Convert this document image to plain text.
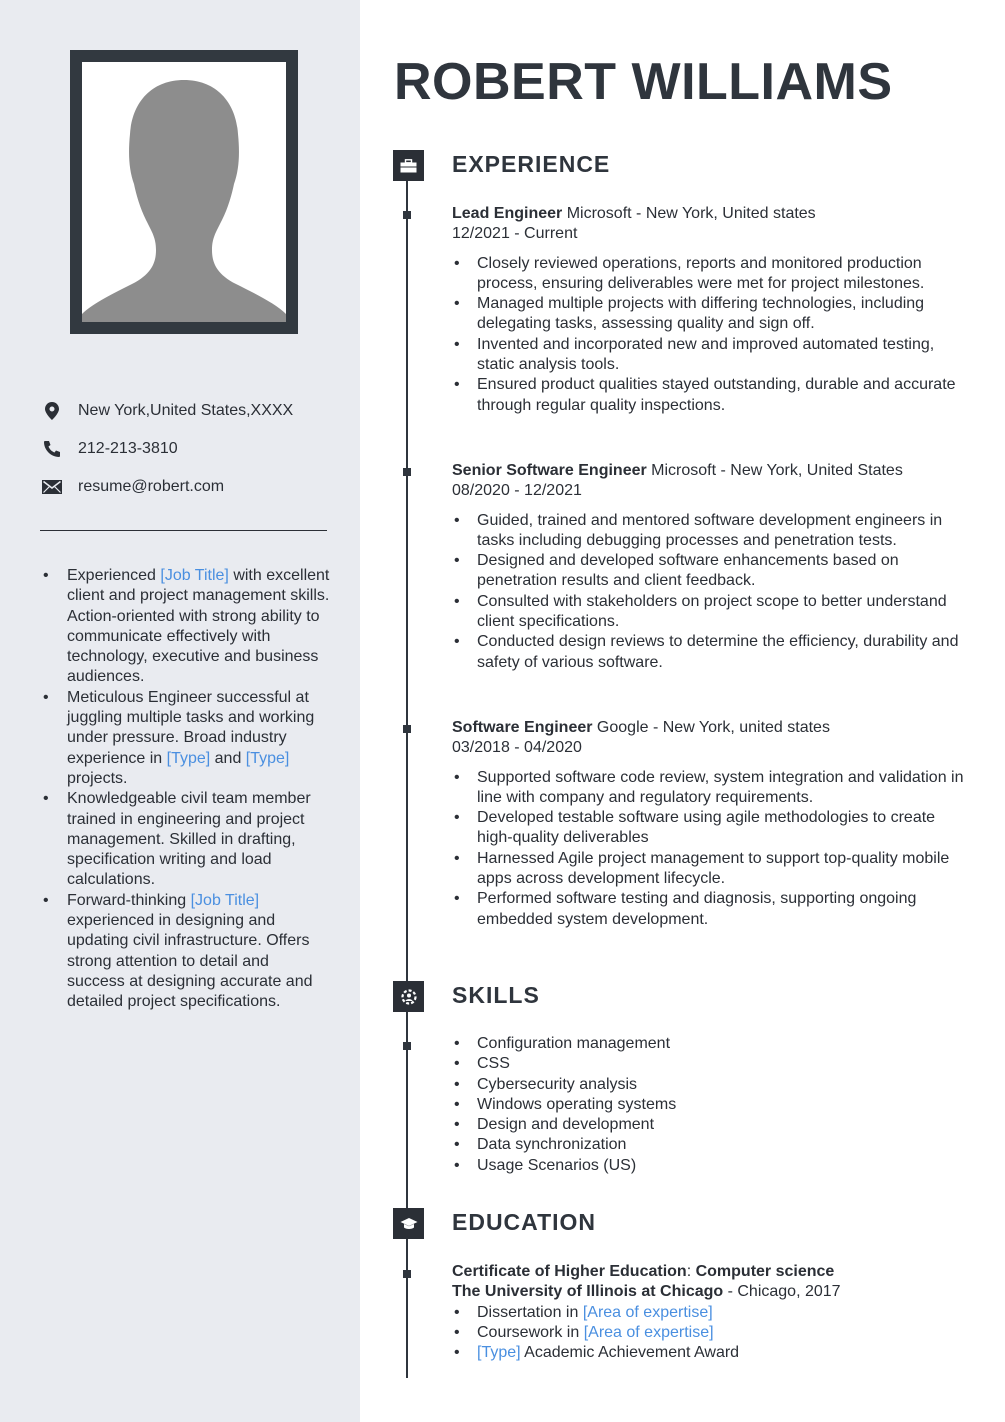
New York,United States,XXXX
212-213-3810
resume@robert.com
• Experienced [Job Title] with excellent client and project management skills. Action-oriented with strong ability to communicate effectively with technology, executive and business audiences.
• Meticulous Engineer successful at juggling multiple tasks and working under pressure. Broad industry experience in [Type] and [Type] projects.
• Knowledgeable civil team member trained in engineering and project management. Skilled in drafting, specification writing and load calculations.
• Forward-thinking [Job Title] experienced in designing and updating civil infrastructure. Offers strong attention to detail and success at designing accurate and detailed project specifications.
ROBERT WILLIAMS
EXPERIENCE
Lead Engineer Microsoft - New York, United states
12/2021 - Current
• Closely reviewed operations, reports and monitored production process, ensuring deliverables were met for project milestones.
• Managed multiple projects with differing technologies, including delegating tasks, assessing quality and sign off.
• Invented and incorporated new and improved automated testing, static analysis tools.
• Ensured product qualities stayed outstanding, durable and accurate through regular quality inspections.
Senior Software Engineer Microsoft - New York, United States
08/2020 - 12/2021
• Guided, trained and mentored software development engineers in tasks including debugging processes and penetration tests.
• Designed and developed software enhancements based on penetration results and client feedback.
• Consulted with stakeholders on project scope to better understand client specifications.
• Conducted design reviews to determine the efficiency, durability and safety of various software.
Software Engineer Google - New York, united states
03/2018 - 04/2020
• Supported software code review, system integration and validation in line with company and regulatory requirements.
• Developed testable software using agile methodologies to create high-quality deliverables
• Harnessed Agile project management to support top-quality mobile apps across development lifecycle.
• Performed software testing and diagnosis, supporting ongoing embedded system development.
SKILLS
• Configuration management
• CSS
• Cybersecurity analysis
• Windows operating systems
• Design and development
• Data synchronization
• Usage Scenarios (US)
EDUCATION
Certificate of Higher Education: Computer science
The University of Illinois at Chicago - Chicago, 2017
• Dissertation in [Area of expertise]
• Coursework in [Area of expertise]
• [Type] Academic Achievement Award
